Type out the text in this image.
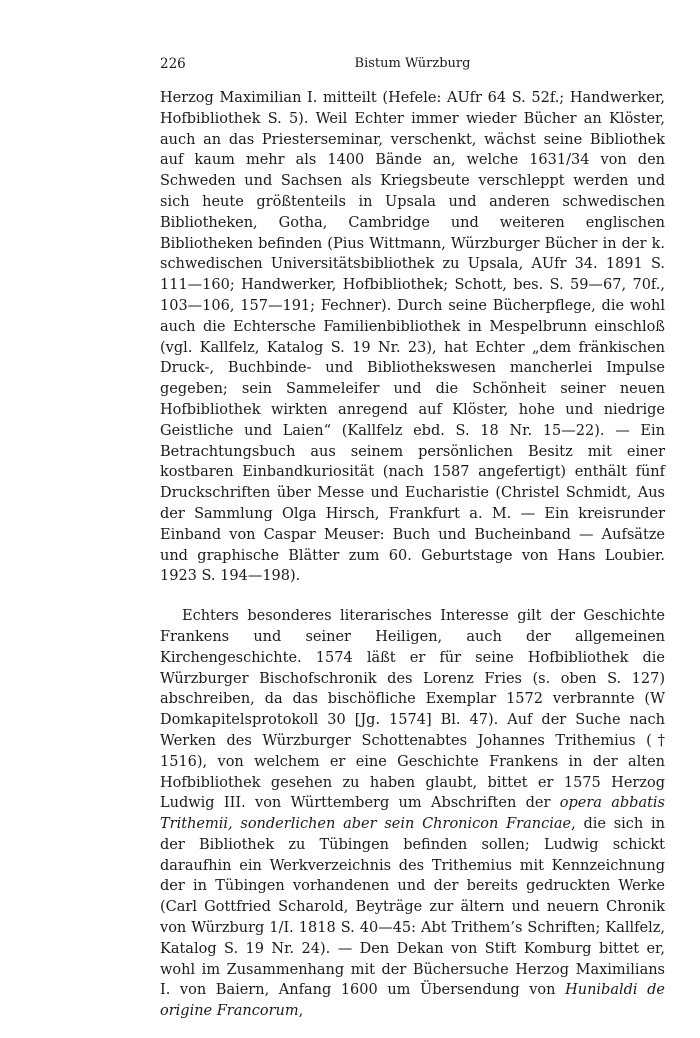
226	Bistum Würzburg

Herzog Maximilian I. mitteilt (Hefele: AUfr 64 S. 52f.; Handwerker, Hofbibliothek S. 5). Weil Echter immer wieder Bücher an Klöster, auch an das Priesterseminar, verschenkt, wächst seine Bibliothek auf kaum mehr als 1400 Bände an, welche 1631/34 von den Schweden und Sachsen als Kriegsbeute verschleppt werden und sich heute größtenteils in Upsala und anderen schwedischen Bibliotheken, Gotha, Cambridge und weiteren englischen Bibliotheken befinden (Pius Wittmann, Würzburger Bücher in der k. schwedischen Universitätsbibliothek zu Upsala, AUfr 34. 1891 S. 111—160; Handwerker, Hofbibliothek; Schott, bes. S. 59—67, 70f., 103—106, 157—191; Fechner). Durch seine Bücherpflege, die wohl auch die Echtersche Familienbibliothek in Mespelbrunn einschloß (vgl. Kallfelz, Katalog S. 19 Nr. 23), hat Echter „dem fränkischen Druck-, Buchbinde- und Bibliothekswesen mancherlei Impulse gegeben; sein Sammeleifer und die Schönheit seiner neuen Hofbibliothek wirkten anregend auf Klöster, hohe und niedrige Geistliche und Laien“ (Kallfelz ebd. S. 18 Nr. 15—22). — Ein Betrachtungsbuch aus seinem persönlichen Besitz mit einer kostbaren Einbandkuriosität (nach 1587 angefertigt) enthält fünf Druckschriften über Messe und Eucharistie (Christel Schmidt, Aus der Sammlung Olga Hirsch, Frankfurt a. M. — Ein kreisrunder Einband von Caspar Meuser: Buch und Bucheinband — Aufsätze und graphische Blätter zum 60. Geburtstage von Hans Loubier. 1923 S. 194—198).

Echters besonderes literarisches Interesse gilt der Geschichte Frankens und seiner Heiligen, auch der allgemeinen Kirchengeschichte. 1574 läßt er für seine Hofbibliothek die Würzburger Bischofschronik des Lorenz Fries (s. oben S. 127) abschreiben, da das bischöfliche Exemplar 1572 verbrannte (W Domkapitelsprotokoll 30 [Jg. 1574] Bl. 47). Auf der Suche nach Werken des Würzburger Schottenabtes Johannes Trithemius († 1516), von welchem er eine Geschichte Frankens in der alten Hofbibliothek gesehen zu haben glaubt, bittet er 1575 Herzog Ludwig III. von Württemberg um Abschriften der opera abbatis Trithemii, sonderlichen aber sein Chronicon Franciae, die sich in der Bibliothek zu Tübingen befinden sollen; Ludwig schickt daraufhin ein Werkverzeichnis des Trithemius mit Kennzeichnung der in Tübingen vorhandenen und der bereits gedruckten Werke (Carl Gottfried Scharold, Beyträge zur ältern und neuern Chronik von Würzburg 1/I. 1818 S. 40—45: Abt Trithem’s Schriften; Kallfelz, Katalog S. 19 Nr. 24). — Den Dekan von Stift Komburg bittet er, wohl im Zusammenhang mit der Büchersuche Herzog Maximilians I. von Baiern, Anfang 1600 um Übersendung von Hunibaldi de origine Francorum,
